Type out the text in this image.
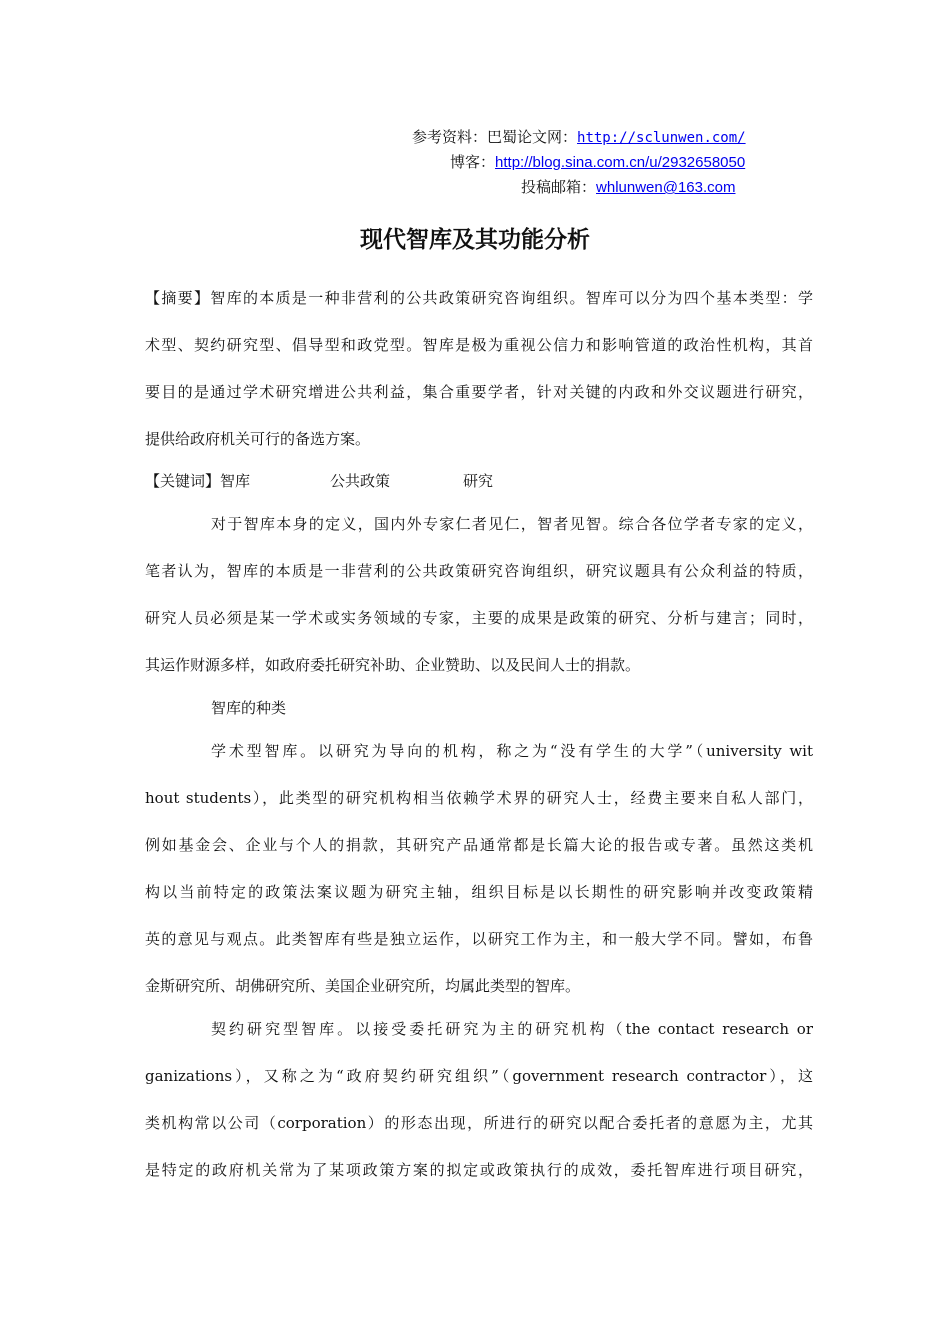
参考资料：巴蜀论文网：http://sclunwen.com/
博客：http://blog.sina.com.cn/u/2932658050
投稿邮箱：whlunwen@163.com
现代智库及其功能分析
【摘要】智库的本质是一种非营利的公共政策研究咨询组织。智库可以分为四个基本类型：学
术型、契约研究型、倡导型和政党型。智库是极为重视公信力和影响管道的政治性机构，其首
要目的是通过学术研究增进公共利益，集合重要学者，针对关键的内政和外交议题进行研究，
提供给政府机关可行的备选方案。
【关键词】智库	公共政策	研究
对于智库本身的定义，国内外专家仁者见仁，智者见智。综合各位学者专家的定义，
笔者认为，智库的本质是一非营利的公共政策研究咨询组织，研究议题具有公众利益的特质，
研究人员必须是某一学术或实务领域的专家，主要的成果是政策的研究、分析与建言；同时，
其运作财源多样，如政府委托研究补助、企业赞助、以及民间人士的捐款。
智库的种类
学术型智库。以研究为导向的机构，称之为“没有学生的大学”（university wit
hout students），此类型的研究机构相当依赖学术界的研究人士，经费主要来自私人部门，
例如基金会、企业与个人的捐款，其研究产品通常都是长篇大论的报告或专著。虽然这类机
构以当前特定的政策法案议题为研究主轴，组织目标是以长期性的研究影响并改变政策精
英的意见与观点。此类智库有些是独立运作，以研究工作为主，和一般大学不同。譬如，布鲁
金斯研究所、胡佛研究所、美国企业研究所，均属此类型的智库。
契约研究型智库。以接受委托研究为主的研究机构（the contact research or
ganizations），又称之为“政府契约研究组织”（government research contractor），这
类机构常以公司（corporation）的形态出现，所进行的研究以配合委托者的意愿为主，尤其
是特定的政府机关常为了某项政策方案的拟定或政策执行的成效，委托智库进行项目研究，
